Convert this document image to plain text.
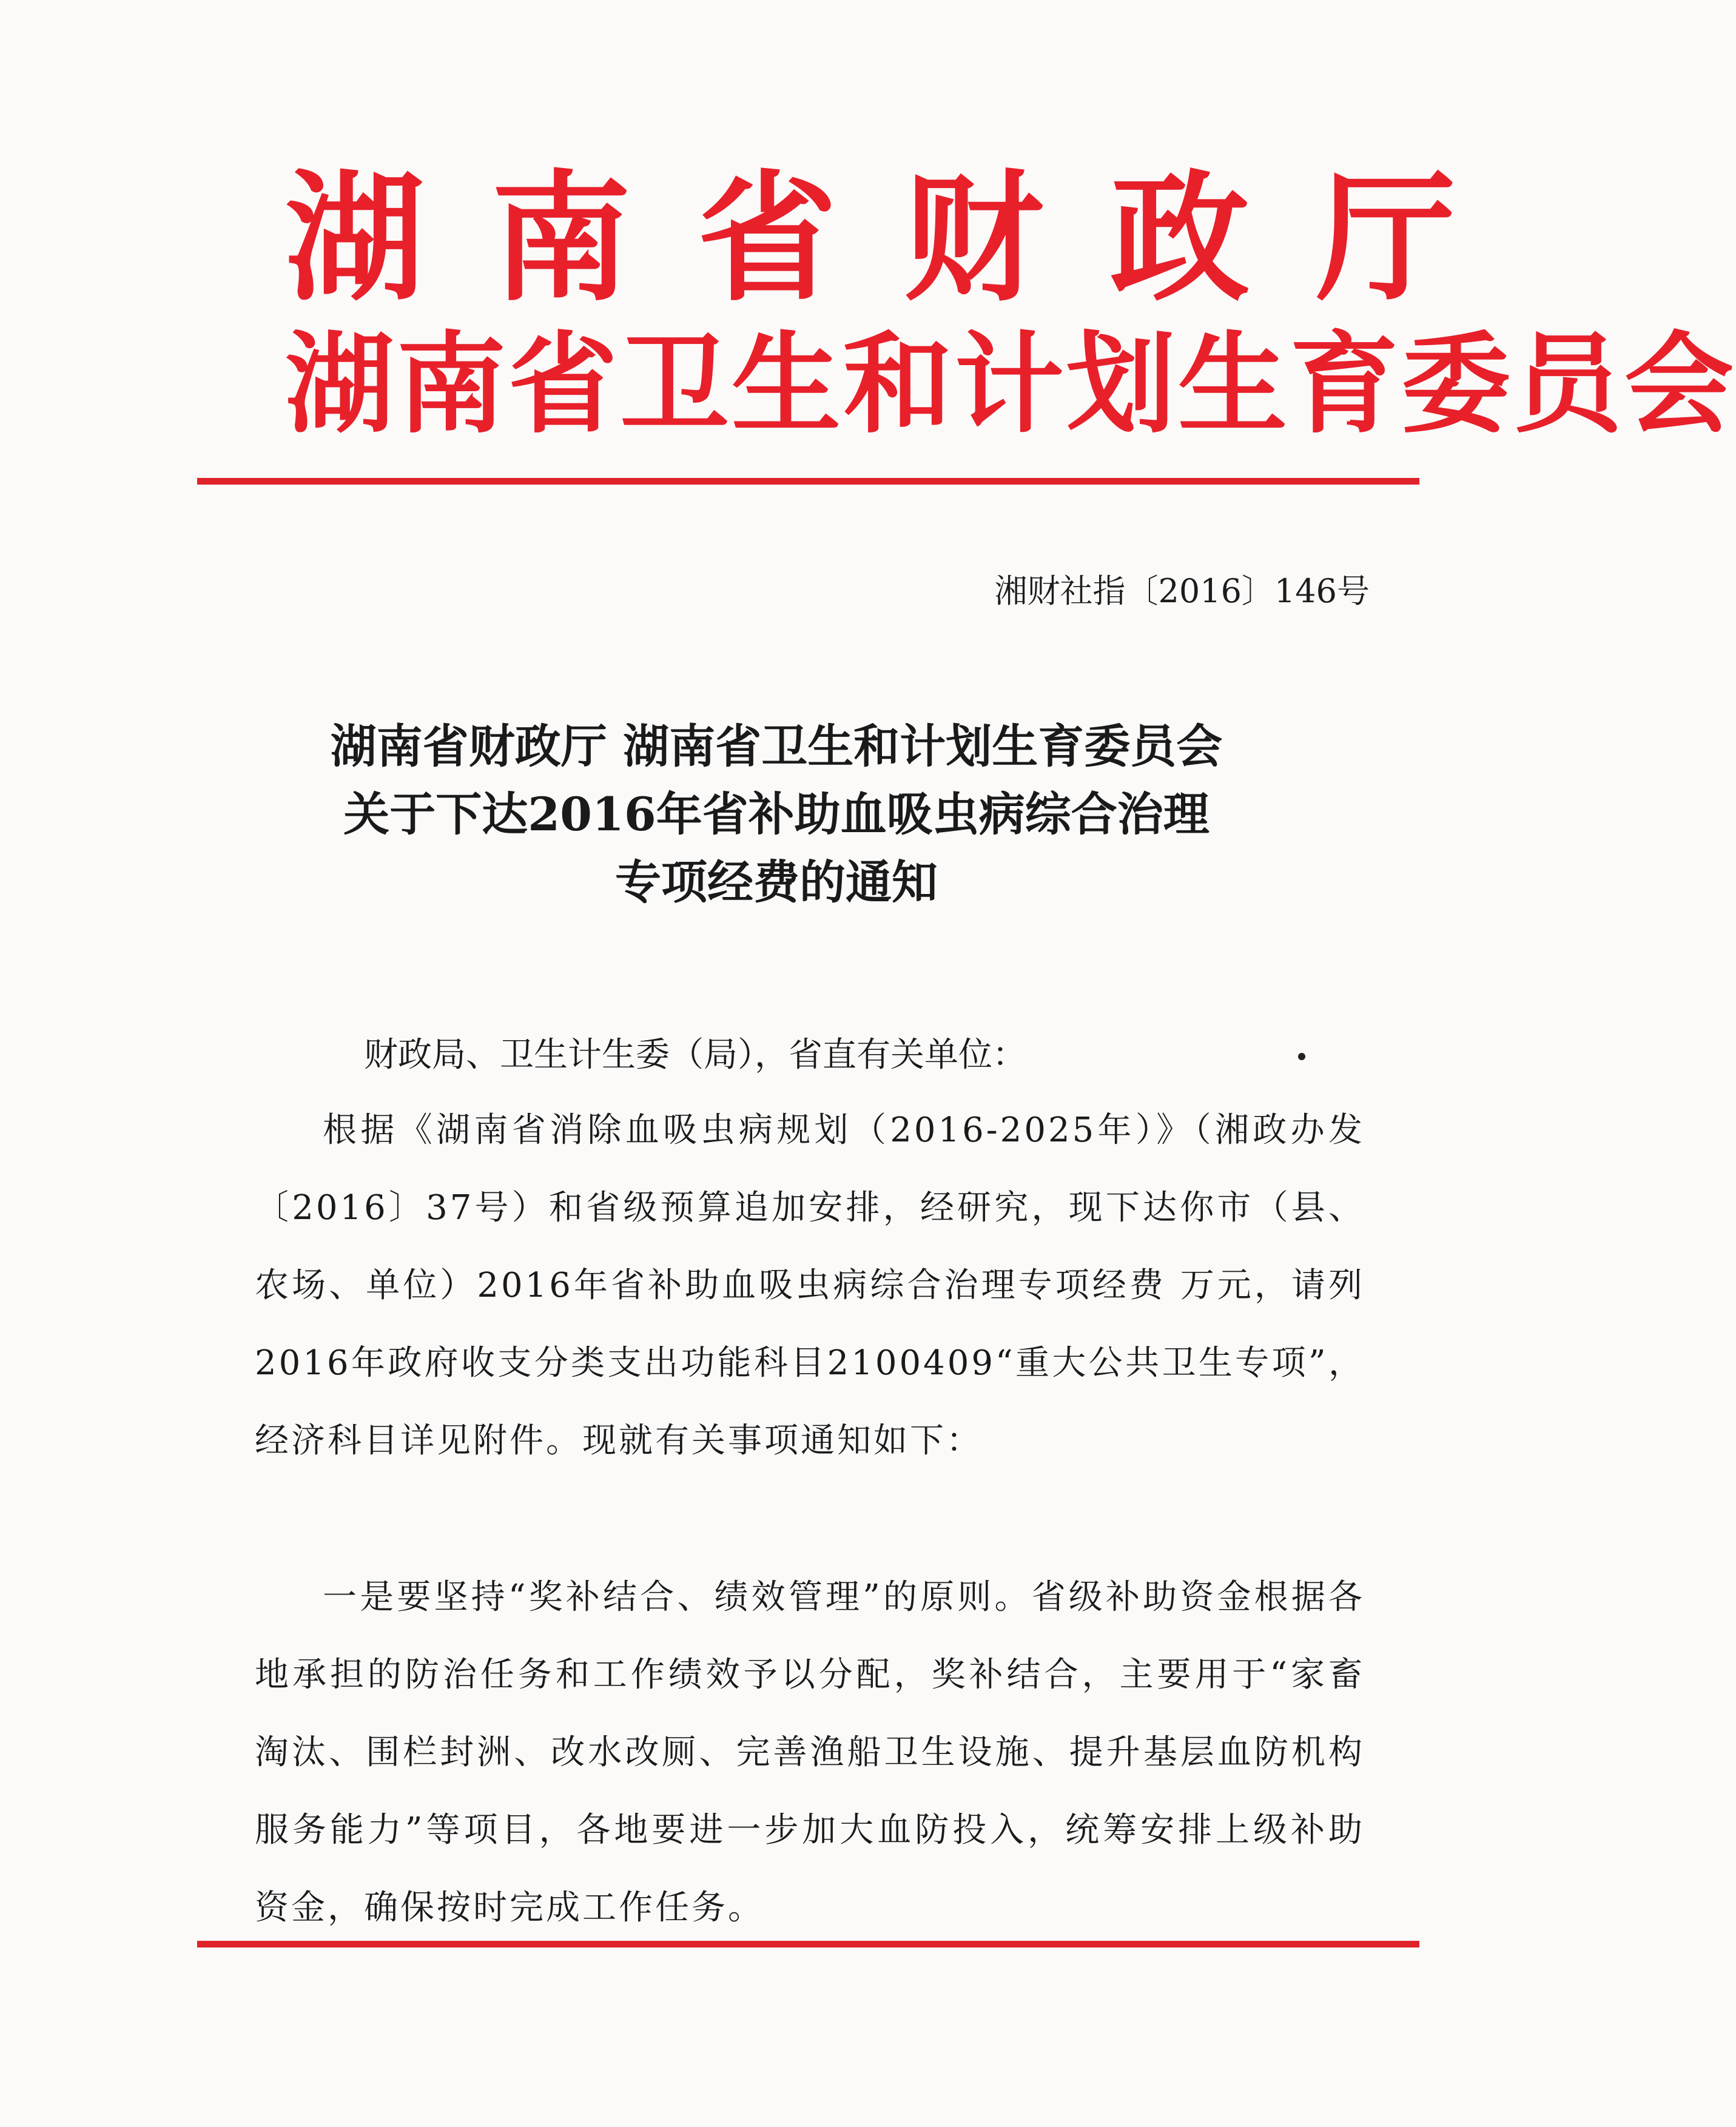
湖南省财政厅
湖南省卫生和计划生育委员会
湘财社指〔2016〕146号
湖南省财政厅 湖南省卫生和计划生育委员会
关于下达2016年省补助血吸虫病综合治理
专项经费的通知
财政局、卫生计生委（局），省直有关单位：

根据《湖南省消除血吸虫病规划（2016-2025年）》（湘政办发〔2016〕37号）和省级预算追加安排，经研究，现下达你市（县、农场、单位）2016年省补助血吸虫病综合治理专项经费 万元，请列2016年政府收支分类支出功能科目2100409“重大公共卫生专项”，经济科目详见附件。现就有关事项通知如下：

一是要坚持“奖补结合、绩效管理”的原则。省级补助资金根据各地承担的防治任务和工作绩效予以分配，奖补结合，主要用于“家畜淘汰、围栏封洲、改水改厕、完善渔船卫生设施、提升基层血防机构服务能力”等项目，各地要进一步加大血防投入，统筹安排上级补助资金，确保按时完成工作任务。
